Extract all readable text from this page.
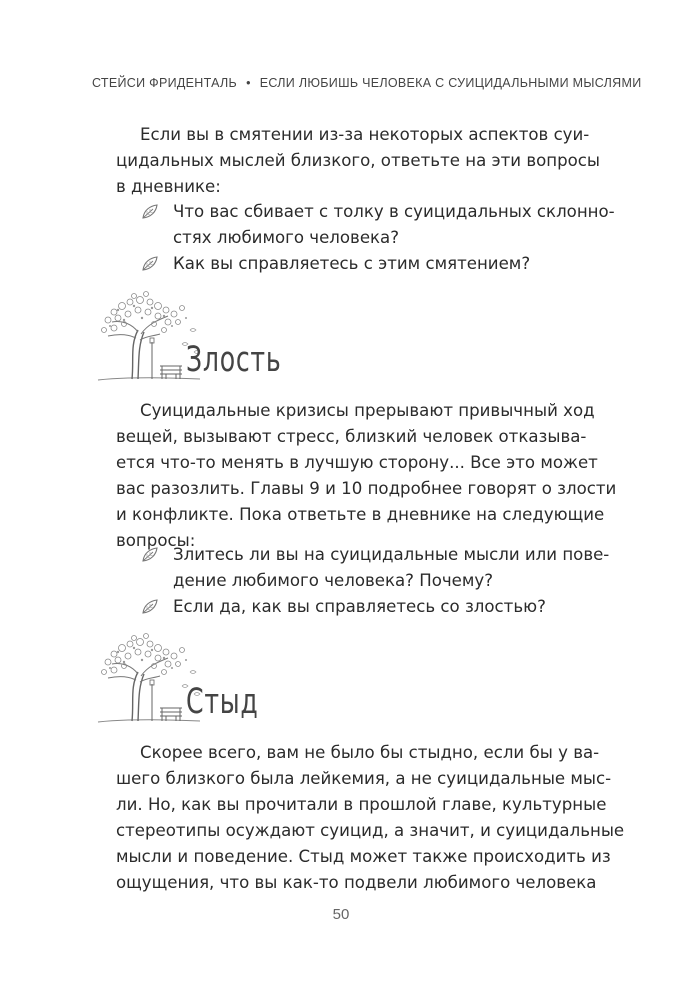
СТЕЙСИ ФРИДЕНТАЛЬ • ЕСЛИ ЛЮБИШЬ ЧЕЛОВЕКА С СУИЦИДАЛЬНЫМИ МЫСЛЯМИ
Если вы в смятении из-за некоторых аспектов суи-
цидальных мыслей близкого, ответьте на эти вопросы
в дневнике:
Что вас сбивает с толку в суицидальных склонно-
стях любимого человека?
Как вы справляетесь с этим смятением?
Злость
Суицидальные кризисы прерывают привычный ход
вещей, вызывают стресс, близкий человек отказыва-
ется что-то менять в лучшую сторону... Все это может
вас разозлить. Главы 9 и 10 подробнее говорят о злости
и конфликте. Пока ответьте в дневнике на следующие
вопросы:
Злитесь ли вы на суицидальные мысли или пове-
дение любимого человека? Почему?
Если да, как вы справляетесь со злостью?
Стыд
Скорее всего, вам не было бы стыдно, если бы у ва-
шего близкого была лейкемия, а не суицидальные мыс-
ли. Но, как вы прочитали в прошлой главе, культурные
стереотипы осуждают суицид, а значит, и суицидальные
мысли и поведение. Стыд может также происходить из
ощущения, что вы как-то подвели любимого человека
50
